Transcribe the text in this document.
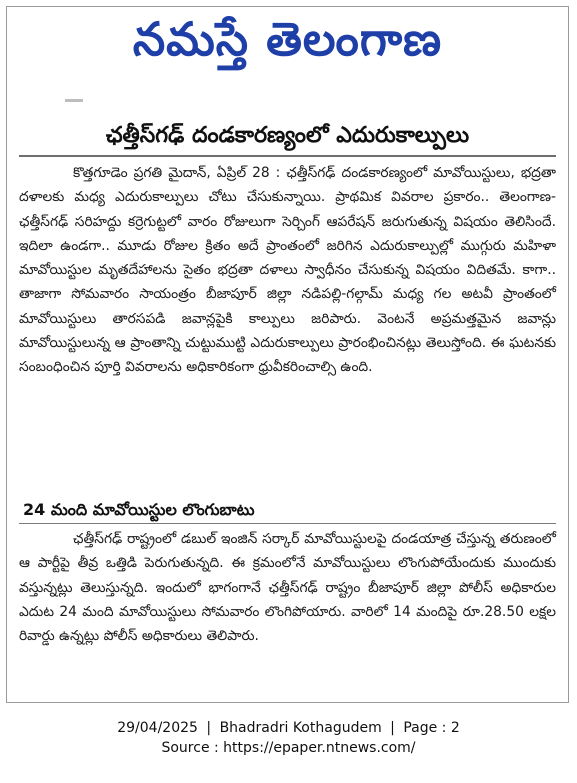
నమస్తే తెలంగాణ
ఛత్తీస్‌గఢ్ దండకారణ్యంలో ఎదురుకాల్పులు

కొత్తగూడెం ప్రగతి మైదాన్, ఏప్రిల్ 28 : ఛత్తీస్‌గఢ్ దండకారణ్యంలో మావోయిస్టులు, భద్రతా దళాలకు మధ్య ఎదురుకాల్పులు చోటు చేసుకున్నాయి. ప్రాథమిక వివరాల ప్రకారం.. తెలంగాణ-ఛత్తీస్‌గఢ్ సరిహద్దు కర్రెగుట్టలో వారం రోజులుగా సెర్చింగ్ ఆపరేషన్ జరుగుతున్న విషయం తెలిసిందే. ఇదిలా ఉండగా.. మూడు రోజుల క్రితం అదే ప్రాంతంలో జరిగిన ఎదురుకాల్పుల్లో ముగ్గురు మహిళా మావోయిస్టుల మృతదేహాలను సైతం భద్రతా దళాలు స్వాధీనం చేసుకున్న విషయం విదితమే. కాగా.. తాజాగా సోమవారం సాయంత్రం బీజాపూర్ జిల్లా నడిపల్లి-గల్గామ్ మధ్య గల అటవీ ప్రాంతంలో మావోయిస్టులు తారసపడి జవాన్లపైకి కాల్పులు జరిపారు. వెంటనే అప్రమత్తమైన జవాన్లు మావోయిస్టులున్న ఆ ప్రాంతాన్ని చుట్టుముట్టి ఎదురుకాల్పులు ప్రారంభించినట్లు తెలుస్తోంది. ఈ ఘటనకు సంబంధించిన పూర్తి వివరాలను అధికారికంగా ధ్రువీకరించాల్సి ఉంది.

24 మంది మావోయిస్టుల లొంగుబాటు

ఛత్తీస్‌గఢ్ రాష్ట్రంలో డబుల్ ఇంజిన్ సర్కార్ మావోయిస్టులపై దండయాత్ర చేస్తున్న తరుణంలో ఆ పార్టీపై తీవ్ర ఒత్తిడి పెరుగుతున్నది. ఈ క్రమంలోనే మావోయిస్టులు లొంగుపోయేందుకు ముందుకు వస్తున్నట్లు తెలుస్తున్నది. ఇందులో భాగంగానే ఛత్తీస్‌గఢ్ రాష్ట్రం బీజాపూర్ జిల్లా పోలీస్ అధికారుల ఎదుట 24 మంది మావోయిస్టులు సోమవారం లొంగిపోయారు. వారిలో 14 మందిపై రూ.28.50 లక్షల రివార్డు ఉన్నట్లు పోలీస్ అధికారులు తెలిపారు.

29/04/2025 | Bhadradri Kothagudem | Page : 2
Source : https://epaper.ntnews.com/
